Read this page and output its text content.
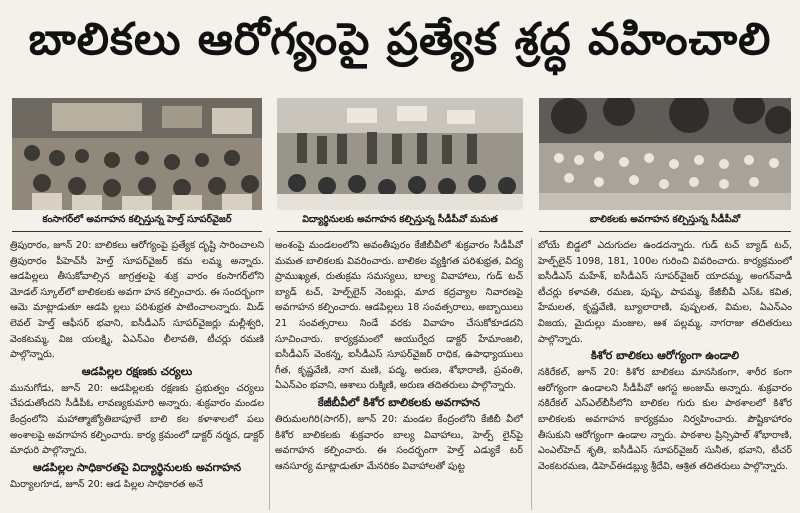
బాలికలు ఆరోగ్యంపై ప్రత్యేక శ్రద్ధ వహించాలి
కంసాగర్‌లో అవగాహన కల్పిస్తున్న హెల్త్ సూపర్‌వైజర్	విద్యార్థినులకు అవగాహన కల్పిస్తున్న సీడీపీవో మమత	బాలికలకు అవగాహన కల్పిస్తున్న సీడీపీవో

త్రిపురారం, జూన్ 20: బాలికలు ఆరోగ్యంపై ప్రత్యేక దృష్టి సారించాలని త్రిపురారం పీహెచ్‌సీ హెల్త్ సూపర్‌వైజర్ కమ లమ్మ అన్నారు. ఆడపిల్లలు తీసుకోవాల్సిన జాగ్రత్తలపై శుక్ర వారం కంసాగర్‌లోని మోడల్ స్కూల్‌లో బాలికలకు అవగా హన కల్పించారు. ఈ సందర్భంగా ఆమె మాట్లాడుతూ ఆడపి ల్లలు పరిశుభ్రత పాటించాలన్నారు. మిడ్ లెవల్ హెల్త్ ఆఫీసర్ భవాని, ఐసీడీఎస్ సూపర్‌వైజర్లు మల్లీశ్వరి, వెంకటమ్మ, విజ యలక్ష్మి, ఏఎన్ఎం లీలావతి, టీచర్లు రమణి పాల్గొన్నారు.

ఆడపిల్లల రక్షణకు చర్యలు

మునుగోడు, జూన్ 20: ఆడపిల్లలకు రక్షణకు ప్రభుత్వం చర్యలు చేపడుతోందని సీడీపీఓ లావణ్యకుమారి అన్నారు. శుక్రవారం మండల కేంద్రంలోని మహాత్మాజ్యోతిబాపూలే బాలి కల కళాశాలలో పలు అంశాలపై అవగాహన కల్పించారు. కార్య క్రమంలో డాక్టర్ నర్మద, డాక్టర్ మాధురి పాల్గొన్నారు.

ఆడపిల్లల సాధికారతపై విద్యార్థినులకు అవగాహన

మిర్యాలగూడ, జూన్ 20: ఆడ పిల్లల సాధికారత అనే

అంశంపై మండలంలోని అవంతీపురం కేజీబీవీలో శుక్రవారం సీడీపీవో మమత బాలికలకు వివరించారు. బాలికల వ్యక్తిగత పరిశుభ్రత, విద్య ప్రాముఖ్యత, రుతుక్రమ సమస్యలు, బాల్య వివాహాలు, గుడ్ టచ్ బ్యాడ్ టచ్, హెల్ప్‌లైన్ నెంబర్లు, మాద కద్రవ్యాల నివారణపై అవగాహన కల్పించారు. ఆడపిల్లలు 18 సంవత్సరాలు, అబ్బాయిలు 21 సంవత్సరాలు నిండే వరకు వివాహం చేసుకోకూడదని సూచించారు. కార్యక్రమంలో ఆయుర్వేద డాక్టర్ హేమాంజలి, ఐసీడీఎస్ వెంకన్న, ఐసీడీఎస్ సూపర్‌వైజర్ రాధిక, ఉపాధ్యాయులు గీత, కృష్ణవేణి, నాగ మణి, పద్మ, అరుణ, శోభారాణి, ప్రవంతి, ఏఎన్ఎం భవాని, ఆశాలు రుక్మిణి, అరుణ తదితరులు పాల్గొన్నారు.

కేజీబీవీలో కిశోర బాలికలకు అవగాహన

తిరుమలగిరి(సాగర్), జూన్ 20: మండల కేంద్రంలోని కేజీబీ వీలో కిశోర బాలికలకు శుక్రవారం బాల్య వివాహాలు, హెల్ప్ లైన్‌పై అవగాహన కల్పించారు. ఈ సందర్భంగా హెల్త్ ఎడ్యుకే టర్ ఆనసూర్య మాట్లాడుతూ మేనరికం వివాహాలతో పుట్ట

బోయే బిడ్డలో ఎదుగుదల ఉండదన్నారు. గుడ్ టచ్ బ్యాడ్ టచ్, హెల్ప్‌లైన్ 1098, 181, 100ల గురించి వివరించారు. కార్యక్రమంలో ఐసీడీఎస్ మహేశ్, ఐసీడీఎస్ సూపర్‌వైజర్ యాదమ్మ, అంగన్‌వాడీ టీచర్లు కళావతి, రమణ, పుష్ప, పాపమ్మ, కేజీబీవీ ఎస్‌ఓ కవిత, హేమలత, కృష్ణవేణి, బ్యూలారాణి, పుష్పలత, విమల, ఏఎన్ఎం విజయ, మైదుల్లు మంజుల, ఆశ పల్లమ్మ, నాగరాజు తదితరులు పాల్గొన్నారు.

కిశోర బాలికలు ఆరోగ్యంగా ఉండాలి

నకిరేకల్, జూన్ 20: కిశోర బాలికలు మానసికంగా, శారీర కంగా ఆరోగ్యంగా ఉండాలని సీడీపీవో ఆగస్ట అంజుమ్ అన్నారు. శుక్రవారం నకిరేకల్ ఎస్‌ఎల్‌బీసీలోని బాలికల గురు కుల పాఠశాలలో కిశోర బాలికలకు అవగాహన కార్యక్రమం నిర్వహించారు. పౌష్టికాహారం తీసుకుని ఆరోగ్యంగా ఉండాల న్నారు. పాఠశాల ప్రిన్సిపాల్ శోభారాణి, ఎంఎల్‌హెచ్ శృతి, ఐసీడీఎస్ సూపర్‌వైజర్ సునీత, భవాని, టీచర్ వెంకటరమణ, డిహెచ్‌ఈడబ్ల్యు శ్రీదేవి, ఆశ్రిత తదితరులు పాల్గొన్నారు.
